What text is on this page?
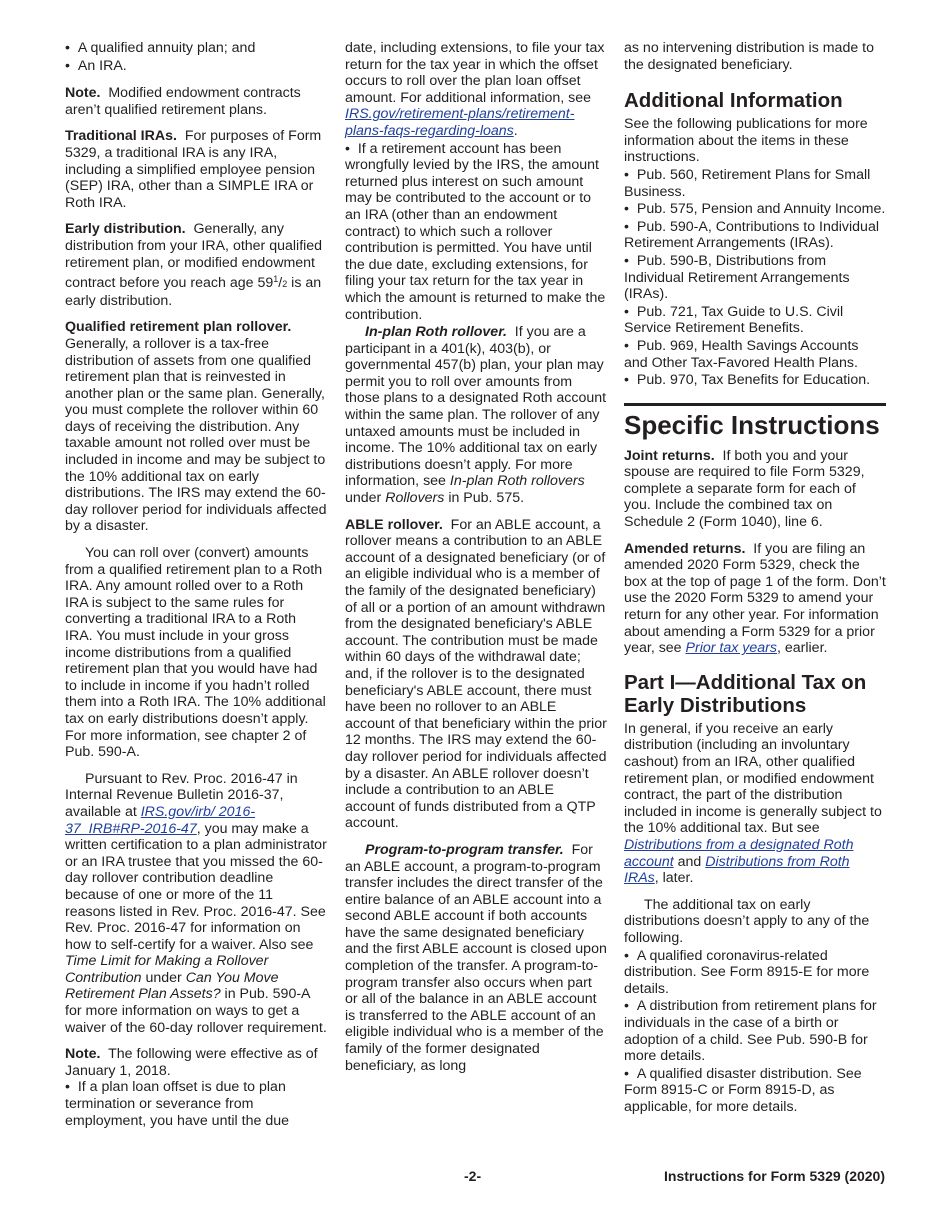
•  A qualified annuity plan; and
•  An IRA.

Note. Modified endowment contracts aren’t qualified retirement plans.

Traditional IRAs. For purposes of Form 5329, a traditional IRA is any IRA, including a simplified employee pension (SEP) IRA, other than a SIMPLE IRA or Roth IRA.

Early distribution. Generally, any distribution from your IRA, other qualified retirement plan, or modified endowment contract before you reach age $59^1/2$ is an early distribution.

Qualified retirement plan rollover. Generally, a rollover is a tax-free distribution of assets from one qualified retirement plan that is reinvested in another plan or the same plan. Generally, you must complete the rollover within 60 days of receiving the distribution. Any taxable amount not rolled over must be included in income and may be subject to the 10% additional tax on early distributions. The IRS may extend the 60-day rollover period for individuals affected by a disaster.

You can roll over (convert) amounts from a qualified retirement plan to a Roth IRA. Any amount rolled over to a Roth IRA is subject to the same rules for converting a traditional IRA to a Roth IRA. You must include in your gross income distributions from a qualified retirement plan that you would have had to include in income if you hadn’t rolled them into a Roth IRA. The 10% additional tax on early distributions doesn’t apply. For more information, see chapter 2 of Pub. 590-A.

Pursuant to Rev. Proc. 2016-47 in Internal Revenue Bulletin 2016-37, available at IRS.gov/irb/ 2016-37_IRB#RP-2016-47, you may make a written certification to a plan administrator or an IRA trustee that you missed the 60-day rollover contribution deadline because of one or more of the 11 reasons listed in Rev. Proc. 2016-47. See Rev. Proc. 2016-47 for information on how to self-certify for a waiver. Also see Time Limit for Making a Rollover Contribution under Can You Move Retirement Plan Assets? in Pub. 590-A for more information on ways to get a waiver of the 60-day rollover requirement.

Note. The following were effective as of January 1, 2018.

•  If a plan loan offset is due to plan termination or severance from employment, you have until the due
date, including extensions, to file your tax return for the tax year in which the offset occurs to roll over the plan loan offset amount. For additional information, see IRS.gov/retirement-plans/retirement-plans-faqs-regarding-loans.

•  If a retirement account has been wrongfully levied by the IRS, the amount returned plus interest on such amount may be contributed to the account or to an IRA (other than an endowment contract) to which such a rollover contribution is permitted. You have until the due date, excluding extensions, for filing your tax return for the tax year in which the amount is returned to make the contribution.

In-plan Roth rollover. If you are a participant in a 401(k), 403(b), or governmental 457(b) plan, your plan may permit you to roll over amounts from those plans to a designated Roth account within the same plan. The rollover of any untaxed amounts must be included in income. The 10% additional tax on early distributions doesn’t apply. For more information, see In-plan Roth rollovers under Rollovers in Pub. 575.

ABLE rollover. For an ABLE account, a rollover means a contribution to an ABLE account of a designated beneficiary (or of an eligible individual who is a member of the family of the designated beneficiary) of all or a portion of an amount withdrawn from the designated beneficiary's ABLE account. The contribution must be made within 60 days of the withdrawal date; and, if the rollover is to the designated beneficiary's ABLE account, there must have been no rollover to an ABLE account of that beneficiary within the prior 12 months. The IRS may extend the 60-day rollover period for individuals affected by a disaster. An ABLE rollover doesn’t include a contribution to an ABLE account of funds distributed from a QTP account.

Program-to-program transfer. For an ABLE account, a program-to-program transfer includes the direct transfer of the entire balance of an ABLE account into a second ABLE account if both accounts have the same designated beneficiary and the first ABLE account is closed upon completion of the transfer. A program-to-program transfer also occurs when part or all of the balance in an ABLE account is transferred to the ABLE account of an eligible individual who is a member of the family of the former designated beneficiary, as long

as no intervening distribution is made to the designated beneficiary.
Additional Information
See the following publications for more information about the items in these instructions.
•  Pub. 560, Retirement Plans for Small Business.
•  Pub. 575, Pension and Annuity Income.
•  Pub. 590-A, Contributions to Individual Retirement Arrangements (IRAs).
•  Pub. 590-B, Distributions from Individual Retirement Arrangements (IRAs).
•  Pub. 721, Tax Guide to U.S. Civil Service Retirement Benefits.
•  Pub. 969, Health Savings Accounts and Other Tax-Favored Health Plans.
•  Pub. 970, Tax Benefits for Education.
Specific Instructions

Joint returns. If both you and your spouse are required to file Form 5329, complete a separate form for each of you. Include the combined tax on Schedule 2 (Form 1040), line 6.

Amended returns. If you are filing an amended 2020 Form 5329, check the box at the top of page 1 of the form. Don’t use the 2020 Form 5329 to amend your return for any other year. For information about amending a Form 5329 for a prior year, see Prior tax years, earlier.

Part I—Additional Tax on Early Distributions

In general, if you receive an early distribution (including an involuntary cashout) from an IRA, other qualified retirement plan, or modified endowment contract, the part of the distribution included in income is generally subject to the 10% additional tax. But see Distributions from a designated Roth account and Distributions from Roth IRAs, later.

The additional tax on early distributions doesn’t apply to any of the following.
•  A qualified coronavirus-related distribution. See Form 8915-E for more details.
•  A distribution from retirement plans for individuals in the case of a birth or adoption of a child. See Pub. 590-B for more details.
•  A qualified disaster distribution. See Form 8915-C or Form 8915-D, as applicable, for more details.
-2-	Instructions for Form 5329 (2020)
